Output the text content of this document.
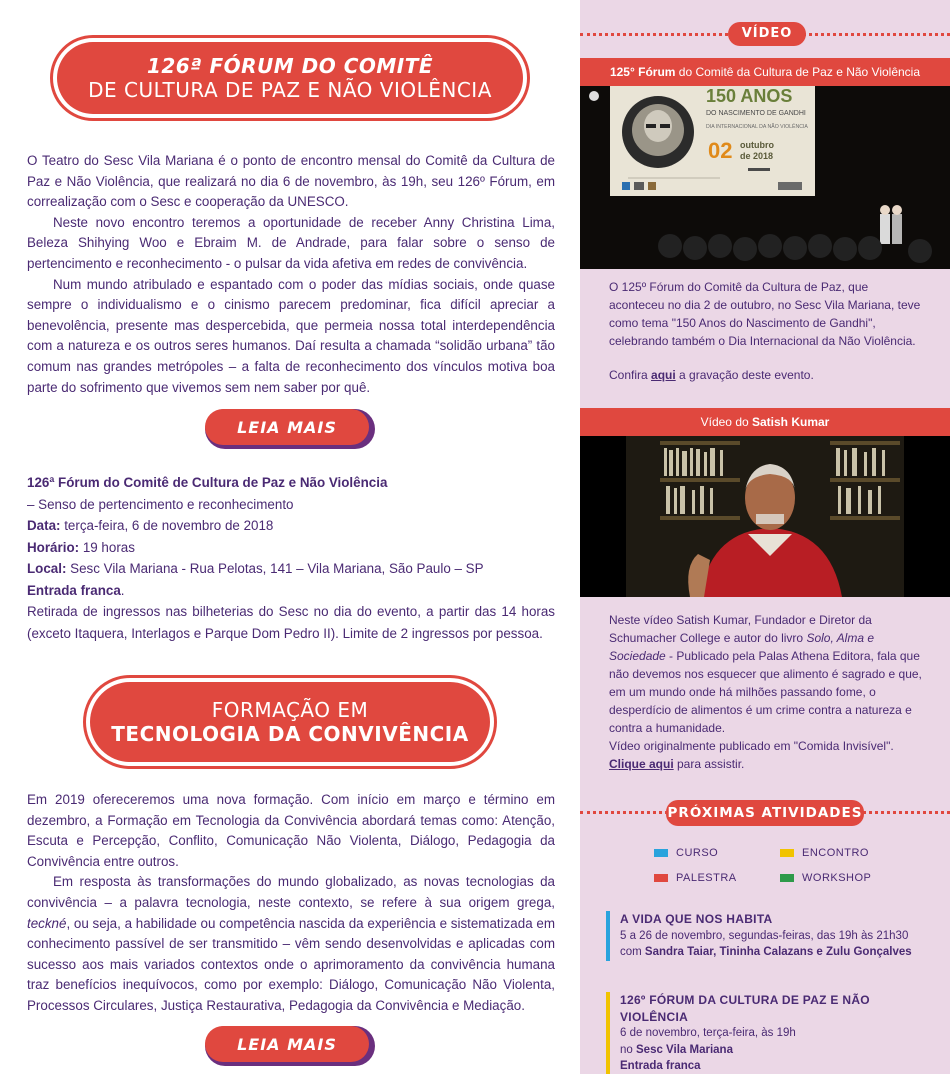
126ª FÓRUM DO COMITÊ
DE CULTURA DE PAZ E NÃO VIOLÊNCIA

O Teatro do Sesc Vila Mariana é o ponto de encontro mensal do Comitê da Cultura de Paz e Não Violência, que realizará no dia 6 de novembro, às 19h, seu 126º Fórum, em correalização com o Sesc e cooperação da UNESCO.

Neste novo encontro teremos a oportunidade de receber Anny Christina Lima, Beleza Shihying Woo e Ebraim M. de Andrade, para falar sobre o senso de pertencimento e reconhecimento - o pulsar da vida afetiva em redes de convivência.

Num mundo atribulado e espantado com o poder das mídias sociais, onde quase sempre o individualismo e o cinismo parecem predominar, fica difícil apreciar a benevolência, presente mas despercebida, que permeia nossa total interdependência com a natureza e os outros seres humanos. Daí resulta a chamada “solidão urbana” tão comum nas grandes metrópoles – a falta de reconhecimento dos vínculos motiva boa parte do sofrimento que vivemos sem nem saber por quê.

LEIA MAIS
126ª Fórum do Comitê de Cultura de Paz e Não Violência
– Senso de pertencimento e reconhecimento
Data: terça-feira, 6 de novembro de 2018
Horário: 19 horas
Local: Sesc Vila Mariana - Rua Pelotas, 141 – Vila Mariana, São Paulo – SP
Entrada franca.
Retirada de ingressos nas bilheterias do Sesc no dia do evento, a partir das 14 horas (exceto Itaquera, Interlagos e Parque Dom Pedro II). Limite de 2 ingressos por pessoa.
FORMAÇÃO EM
TECNOLOGIA DA CONVIVÊNCIA

Em 2019 ofereceremos uma nova formação. Com início em março e término em dezembro, a Formação em Tecnologia da Convivência abordará temas como: Atenção, Escuta e Percepção, Conflito, Comunicação Não Violenta, Diálogo, Pedagogia da Convivência entre outros.

Em resposta às transformações do mundo globalizado, as novas tecnologias da convivência – a palavra tecnologia, neste contexto, se refere à sua origem grega, teckné, ou seja, a habilidade ou competência nascida da experiência e sistematizada em conhecimento passível de ser transmitido – vêm sendo desenvolvidas e aplicadas com sucesso aos mais variados contextos onde o aprimoramento da convivência humana traz benefícios inequívocos, como por exemplo: Diálogo, Comunicação Não Violenta, Processos Circulares, Justiça Restaurativa, Pedagogia da Convivência e Mediação.

LEIA MAIS
VÍDEO
125° Fórum do Comitê da Cultura de Paz e Não Violência
150 ANOS
DO NASCIMENTO DE GANDHI
DIA INTERNACIONAL DA NÃO VIOLÊNCIA
02 outubro
de 2018
O 125º Fórum do Comitê da Cultura de Paz, que aconteceu no dia 2 de outubro, no Sesc Vila Mariana, teve como tema "150 Anos do Nascimento de Gandhi", celebrando também o Dia Internacional da Não Violência.
Confira aqui a gravação deste evento.
Vídeo do Satish Kumar
Neste vídeo Satish Kumar, Fundador e Diretor da Schumacher College e autor do livro Solo, Alma e Sociedade - Publicado pela Palas Athena Editora, fala que não devemos nos esquecer que alimento é sagrado e que, em um mundo onde há milhões passando fome, o desperdício de alimentos é um crime contra a natureza e contra a humanidade.
Vídeo originalmente publicado em "Comida Invisível".
Clique aqui para assistir.
PRÓXIMAS ATIVIDADES
CURSO	ENCONTRO
PALESTRA	WORKSHOP
A VIDA QUE NOS HABITA
5 a 26 de novembro, segundas-feiras, das 19h às 21h30
com Sandra Taiar, Tininha Calazans e Zulu Gonçalves
126º FÓRUM DA CULTURA DE PAZ E NÃO VIOLÊNCIA
6 de novembro, terça-feira, às 19h
no Sesc Vila Mariana
Entrada franca
